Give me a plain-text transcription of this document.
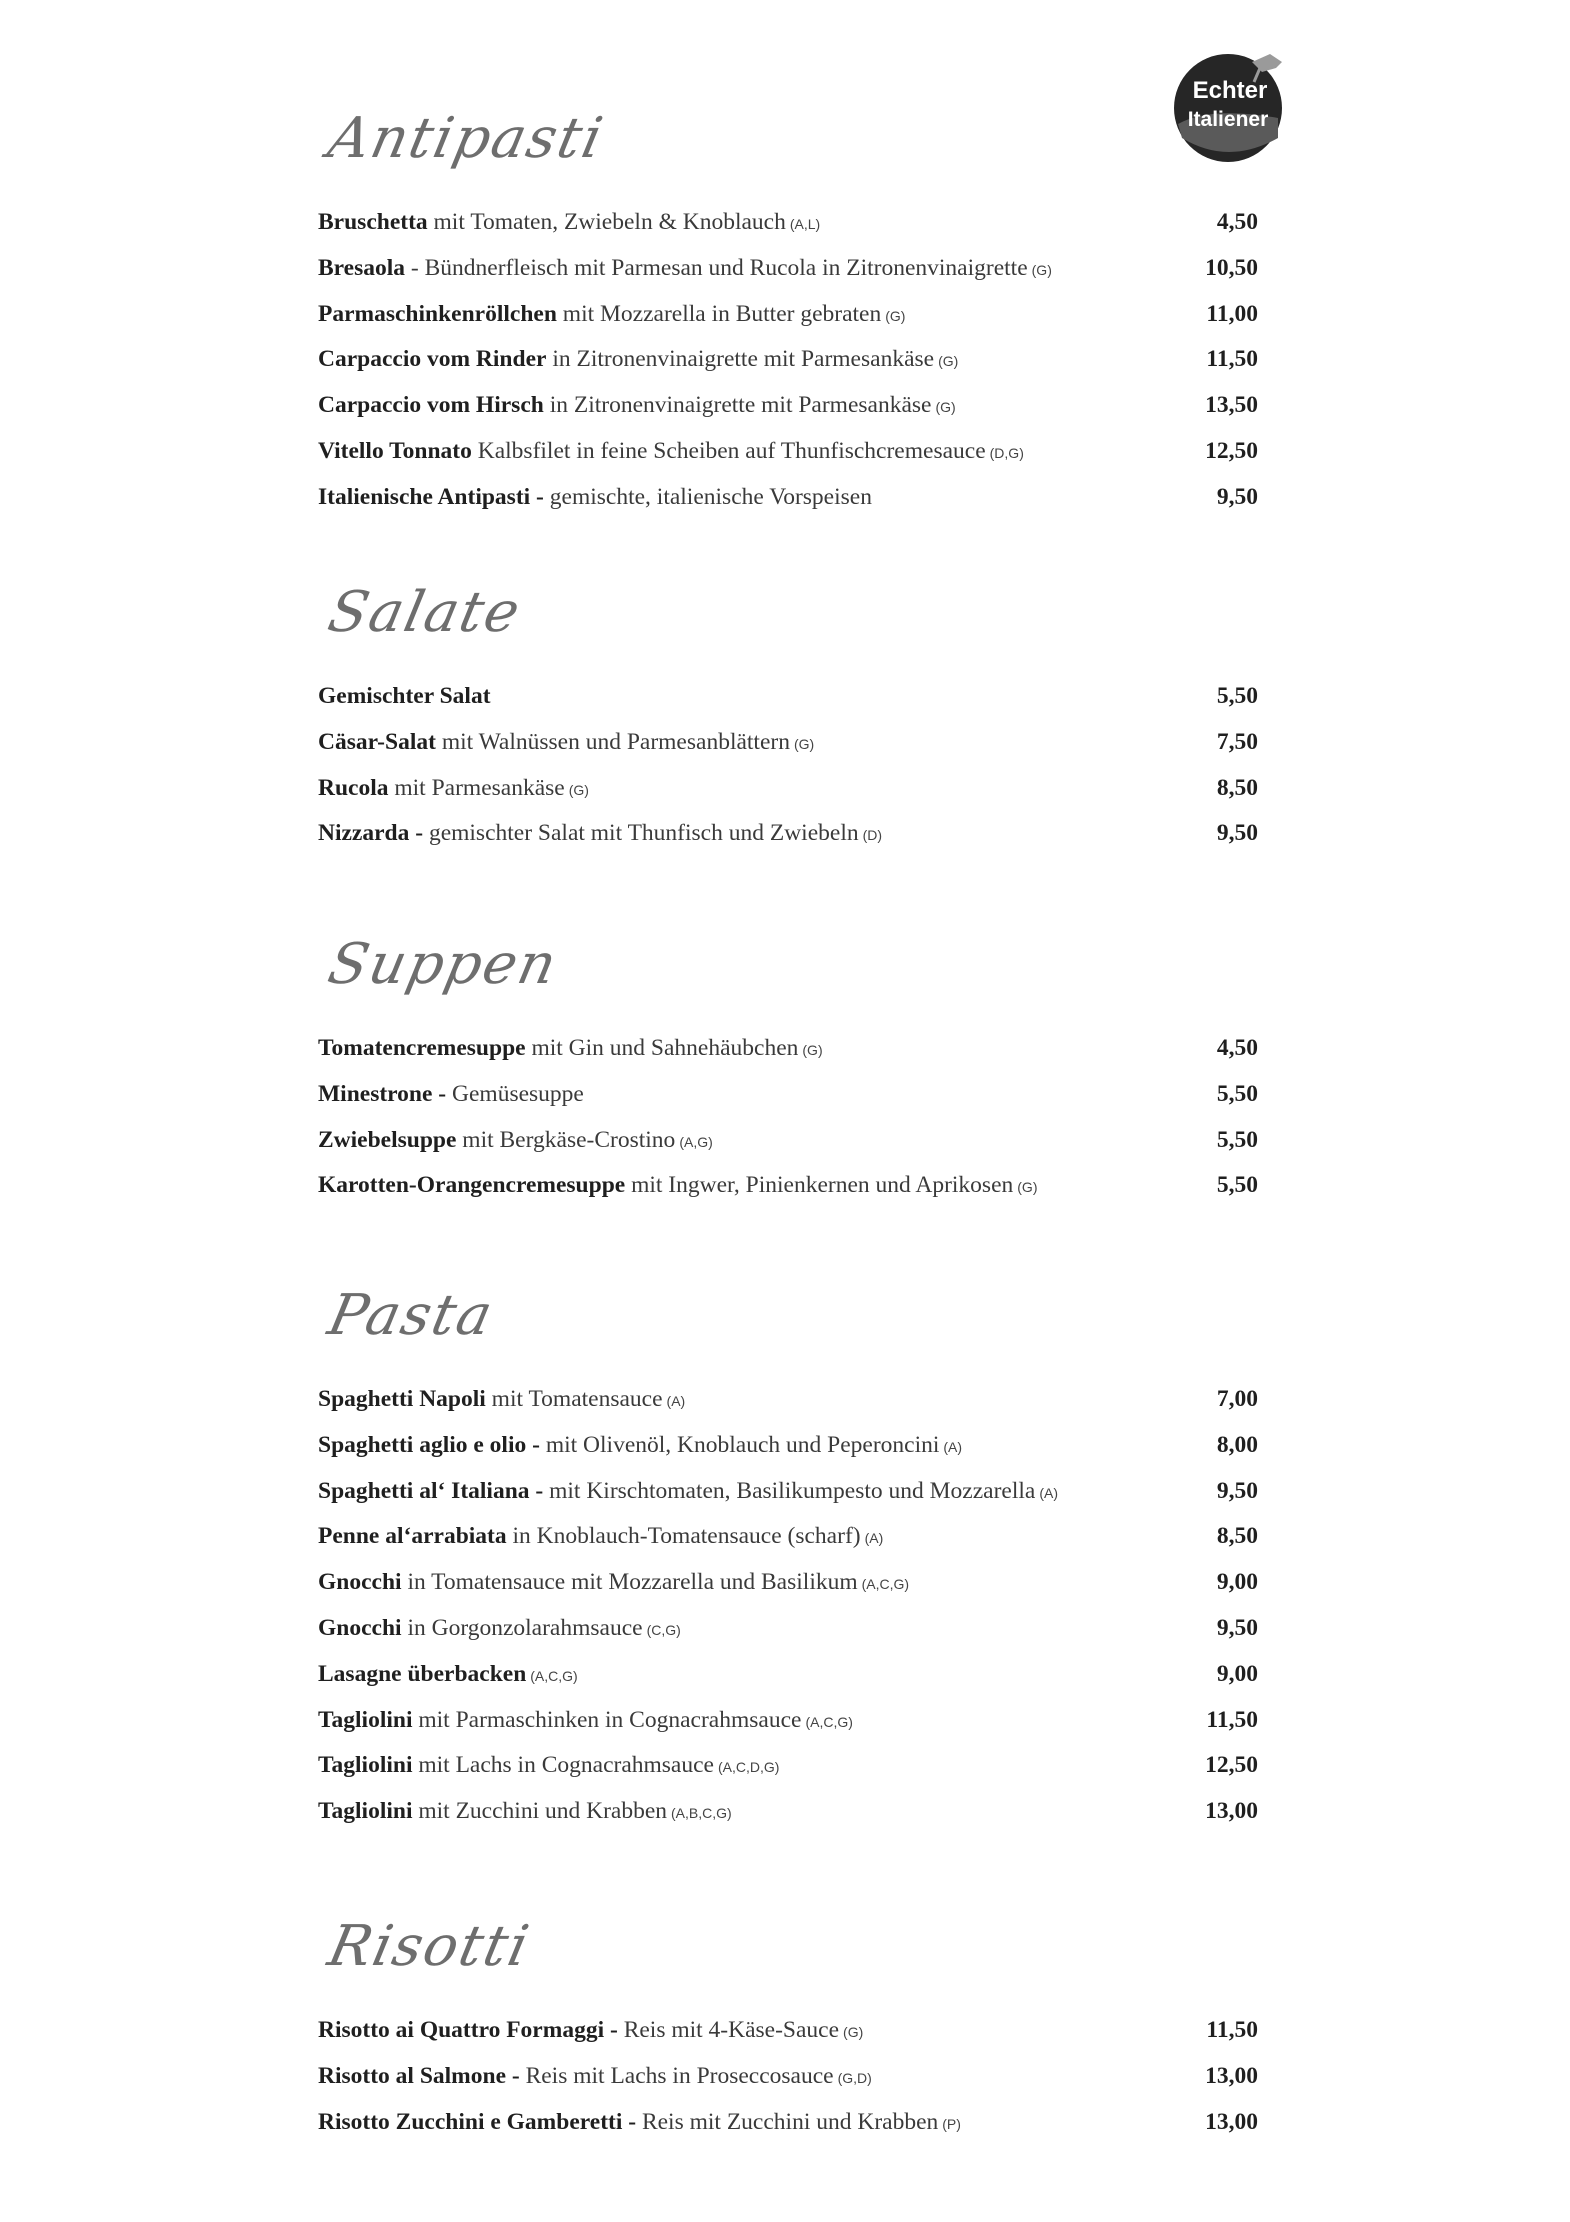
Echter
Italiener
Antipasti
Bruschetta mit Tomaten, Zwiebeln & Knoblauch (A,L)	4,50
Bresaola - Bündnerfleisch mit Parmesan und Rucola in Zitronenvinaigrette (G)	10,50
Parmaschinkenröllchen mit Mozzarella in Butter gebraten (G)	11,00
Carpaccio vom Rinder in Zitronenvinaigrette mit Parmesankäse (G)	11,50
Carpaccio vom Hirsch in Zitronenvinaigrette mit Parmesankäse (G)	13,50
Vitello Tonnato Kalbsfilet in feine Scheiben auf Thunfischcremesauce (D,G)	12,50
Italienische Antipasti - gemischte, italienische Vorspeisen	9,50
Salate
Gemischter Salat	5,50
Cäsar-Salat mit Walnüssen und Parmesanblättern (G)	7,50
Rucola mit Parmesankäse (G)	8,50
Nizzarda - gemischter Salat mit Thunfisch und Zwiebeln (D)	9,50
Suppen
Tomatencremesuppe mit Gin und Sahnehäubchen (G)	4,50
Minestrone - Gemüsesuppe	5,50
Zwiebelsuppe mit Bergkäse-Crostino (A,G)	5,50
Karotten-Orangencremesuppe mit Ingwer, Pinienkernen und Aprikosen (G)	5,50
Pasta
Spaghetti Napoli mit Tomatensauce (A)	7,00
Spaghetti aglio e olio - mit Olivenöl, Knoblauch und Peperoncini (A)	8,00
Spaghetti al‘ Italiana - mit Kirschtomaten, Basilikumpesto und Mozzarella (A)	9,50
Penne al‘arrabiata in Knoblauch-Tomatensauce (scharf) (A)	8,50
Gnocchi in Tomatensauce mit Mozzarella und Basilikum (A,C,G)	9,00
Gnocchi in Gorgonzolarahmsauce (C,G)	9,50
Lasagne überbacken (A,C,G)	9,00
Tagliolini mit Parmaschinken in Cognacrahmsauce (A,C,G)	11,50
Tagliolini mit Lachs in Cognacrahmsauce (A,C,D,G)	12,50
Tagliolini mit Zucchini und Krabben (A,B,C,G)	13,00
Risotti
Risotto ai Quattro Formaggi - Reis mit 4-Käse-Sauce (G)	11,50
Risotto al Salmone - Reis mit Lachs in Proseccosauce (G,D)	13,00
Risotto Zucchini e Gamberetti - Reis mit Zucchini und Krabben (P)	13,00
